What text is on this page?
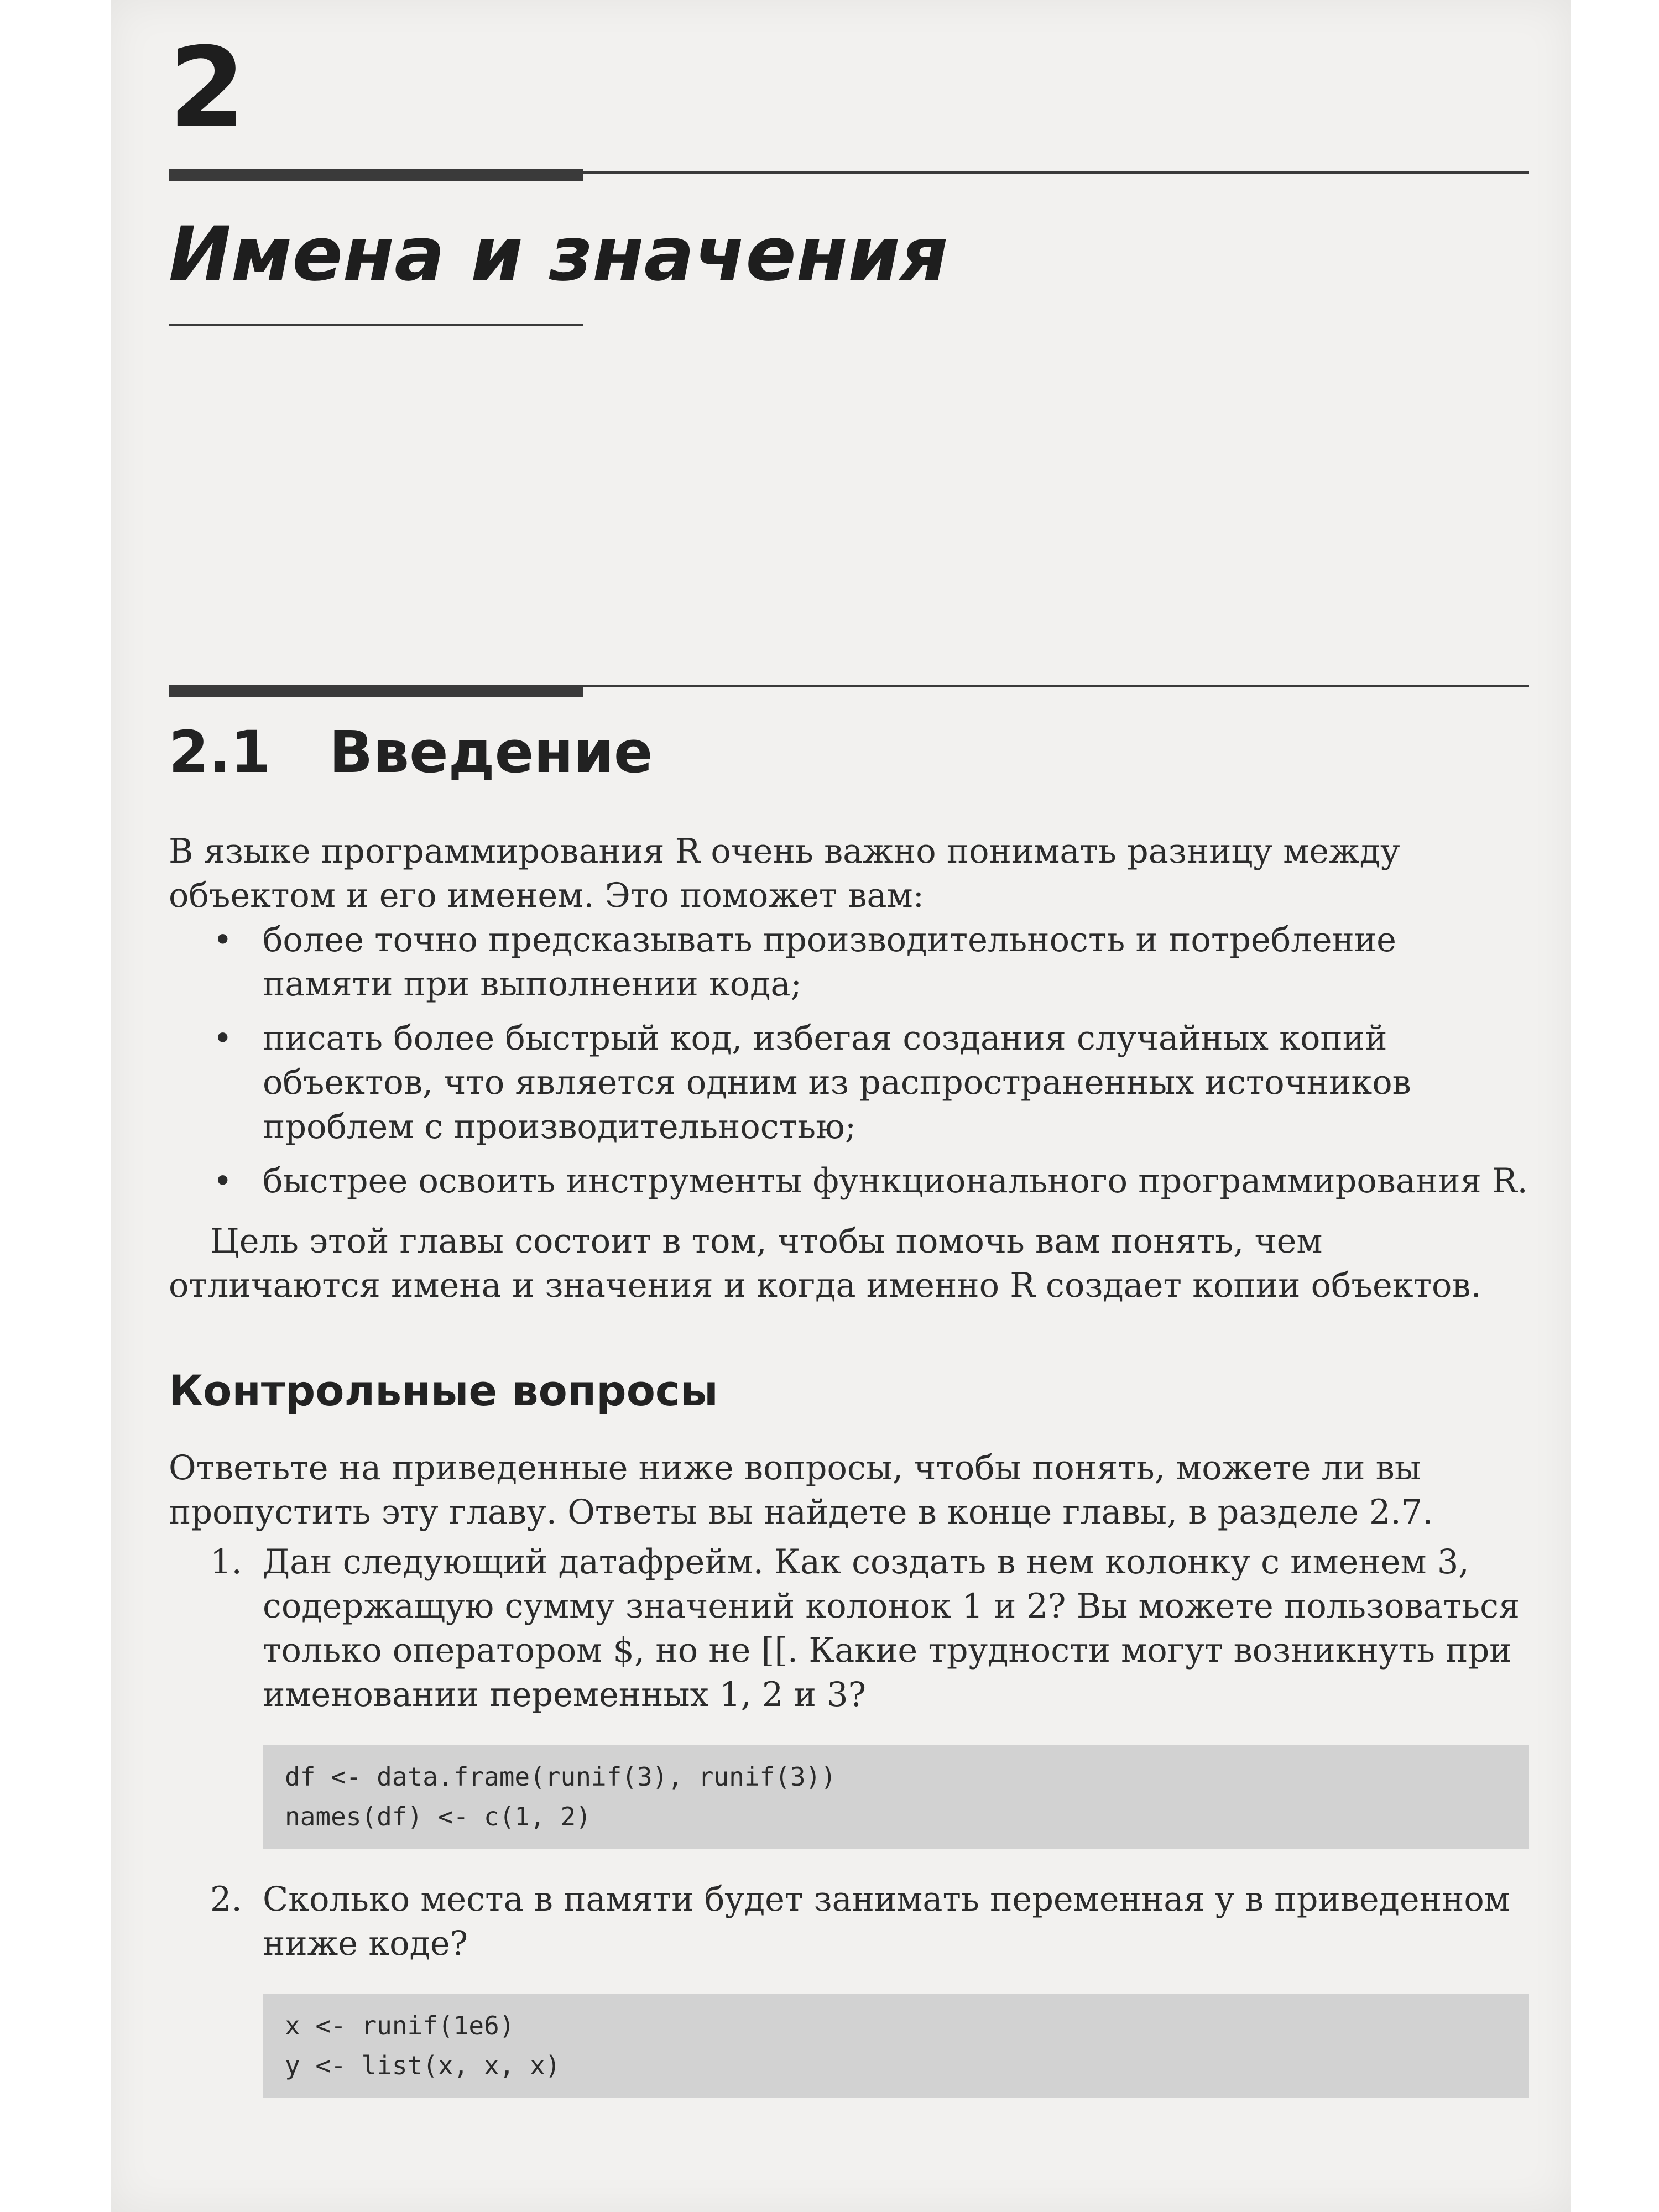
2
Имена и значения
2.1 Введение

В языке программирования R очень важно понимать разницу между объектом и его именем. Это поможет вам:

• более точно предсказывать производительность и потребление памяти при выполнении кода;
• писать более быстрый код, избегая создания случайных копий объектов, что является одним из распространенных источников проблем с производительностью;
• быстрее освоить инструменты функционального программирования R.

Цель этой главы состоит в том, чтобы помочь вам понять, чем отличаются имена и значения и когда именно R создает копии объектов.

Контрольные вопросы

Ответьте на приведенные ниже вопросы, чтобы понять, можете ли вы пропустить эту главу. Ответы вы найдете в конце главы, в разделе 2.7.

1. Дан следующий датафрейм. Как создать в нем колонку с именем 3, содержащую сумму значений колонок 1 и 2? Вы можете пользоваться только оператором $, но не [[. Какие трудности могут возникнуть при именовании переменных 1, 2 и 3?
df <- data.frame(runif(3), runif(3))
names(df) <- c(1, 2)
2. Сколько места в памяти будет занимать переменная y в приведенном ниже коде?
x <- runif(1e6)
y <- list(x, x, x)
